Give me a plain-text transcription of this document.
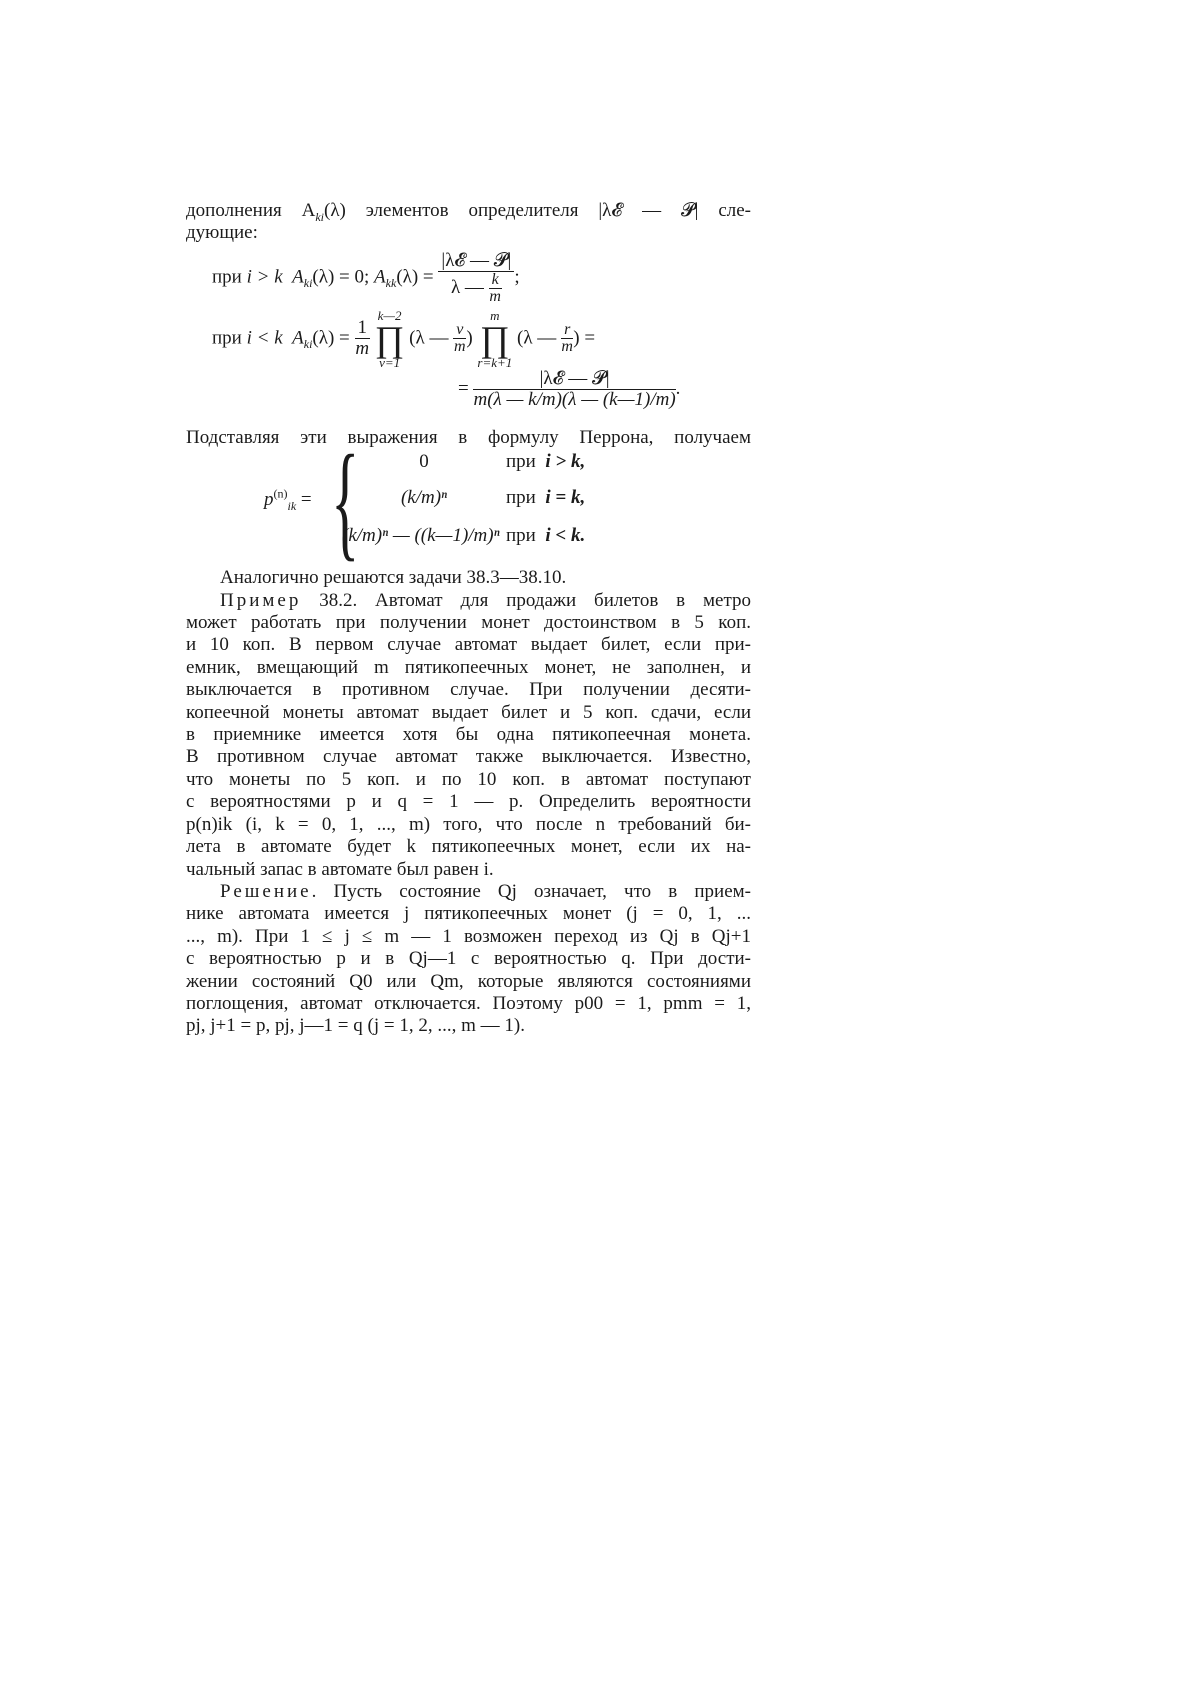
дополнения $A_{ki}(\lambda)$ элементов определителя |λ𝓔 — 𝓟| сле-
дующие:
при i > k $A_{ki}(\lambda) = 0$; $A_{kk}(\lambda) = \frac{\text{|λ𝓔 — 𝓟|}}{\lambda — \frac{k}{m}}$ ;
при i < k $A_{ki}(\lambda) = \frac{1}{m}$
k—2
∏
ν=1 (λ — $\frac{\nu}{m}$ ) m
∏
r=k+1 (λ — $\frac{r}{m}$ ) =
= $\frac{\text{|λ𝓔 — 𝓟|}}{m(\lambda — k/m)(\lambda — (k—1)/m)}$ .
Подставляя эти выражения в формулу Перрона, получаем
$p^{(n)}_{ik}$ = {	0	при i > k,
(k/m)ⁿ	при i = k,
(k/m)ⁿ — ((k—1)/m)ⁿ при i < k.
Аналогично решаются задачи 38.3—38.10.
Пример 38.2. Автомат для продажи билетов в метро
может работать при получении монет достоинством в 5 коп.
и 10 коп. В первом случае автомат выдает билет, если при-
емник, вмещающий m пятикопеечных монет, не заполнен, и
выключается в противном случае. При получении десяти-
копеечной монеты автомат выдает билет и 5 коп. сдачи, если
в приемнике имеется хотя бы одна пятикопеечная монета.
В противном случае автомат также выключается. Известно,
что монеты по 5 коп. и по 10 коп. в автомат поступают
с вероятностями p и q = 1 — p. Определить вероятности
p(n)ik (i, k = 0, 1, ..., m) того, что после n требований би-
лета в автомате будет k пятикопеечных монет, если их на-
чальный запас в автомате был равен i.
Решение. Пусть состояние Qj означает, что в прием-
нике автомата имеется j пятикопеечных монет (j = 0, 1, ...
..., m). При 1 ≤ j ≤ m — 1 возможен переход из Qj в Qj+1
с вероятностью p и в Qj—1 с вероятностью q. При дости-
жении состояний Q0 или Qm, которые являются состояниями
поглощения, автомат отключается. Поэтому p00 = 1, pmm = 1,
pj, j+1 = p, pj, j—1 = q (j = 1, 2, ..., m — 1).
